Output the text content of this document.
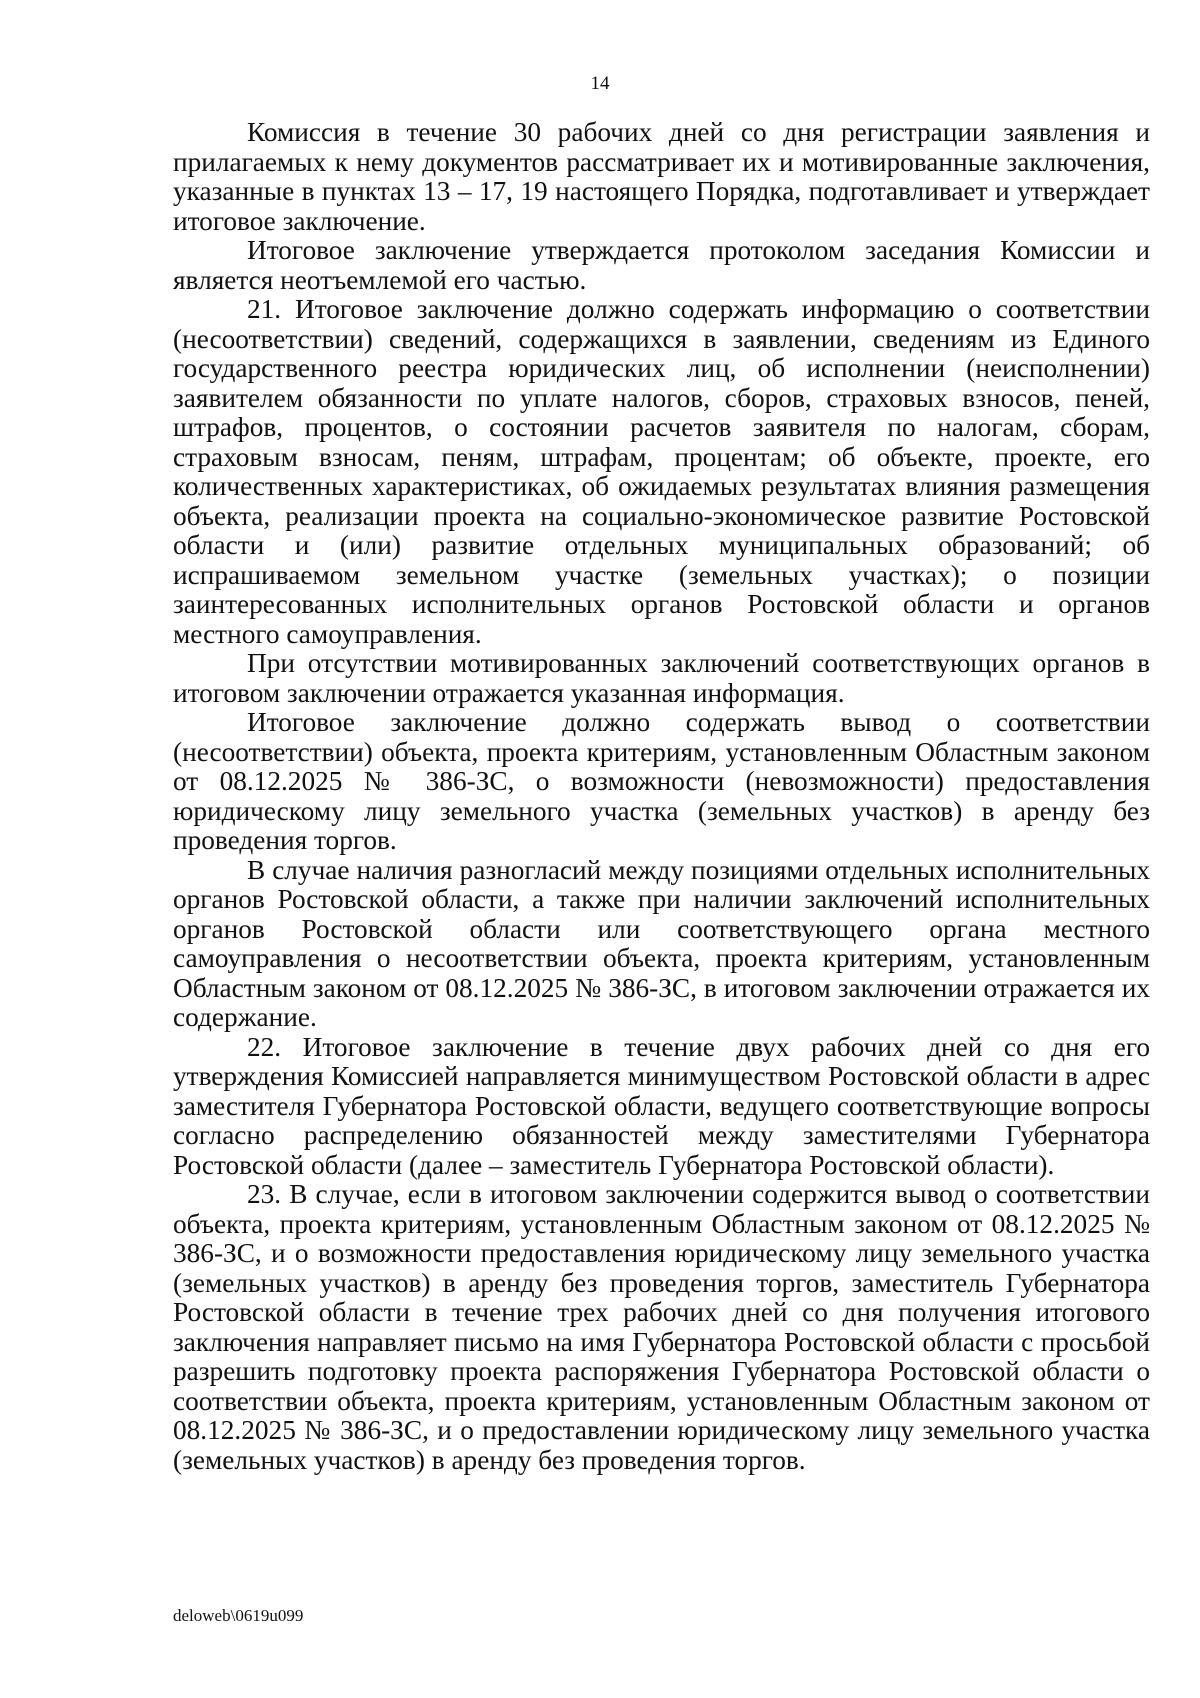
14

Комиссия в течение 30 рабочих дней со дня регистрации заявления и прилагаемых к нему документов рассматривает их и мотивированные заключения, указанные в пунктах 13 – 17, 19 настоящего Порядка, подготавливает и утверждает итоговое заключение.

Итоговое заключение утверждается протоколом заседания Комиссии и является неотъемлемой его частью.

21. Итоговое заключение должно содержать информацию о соответствии (несоответствии) сведений, содержащихся в заявлении, сведениям из Единого государственного реестра юридических лиц, об исполнении (неисполнении) заявителем обязанности по уплате налогов, сборов, страховых взносов, пеней, штрафов, процентов, о состоянии расчетов заявителя по налогам, сборам, страховым взносам, пеням, штрафам, процентам; об объекте, проекте, его количественных характеристиках, об ожидаемых результатах влияния размещения объекта, реализации проекта на социально-экономическое развитие Ростовской области и (или) развитие отдельных муниципальных образований; об испрашиваемом земельном участке (земельных участках); о позиции заинтересованных исполнительных органов Ростовской области и органов местного самоуправления.

При отсутствии мотивированных заключений соответствующих органов в итоговом заключении отражается указанная информация.

Итоговое заключение должно содержать вывод о соответствии (несоответствии) объекта, проекта критериям, установленным Областным законом от 08.12.2025 № 386-ЗС, о возможности (невозможности) предоставления юридическому лицу земельного участка (земельных участков) в аренду без проведения торгов.

В случае наличия разногласий между позициями отдельных исполнительных органов Ростовской области, а также при наличии заключений исполнительных органов Ростовской области или соответствующего органа местного самоуправления о несоответствии объекта, проекта критериям, установленным Областным законом от 08.12.2025 № 386-ЗС, в итоговом заключении отражается их содержание.

22. Итоговое заключение в течение двух рабочих дней со дня его утверждения Комиссией направляется минимуществом Ростовской области в адрес заместителя Губернатора Ростовской области, ведущего соответствующие вопросы согласно распределению обязанностей между заместителями Губернатора Ростовской области (далее – заместитель Губернатора Ростовской области).

23. В случае, если в итоговом заключении содержится вывод о соответствии объекта, проекта критериям, установленным Областным законом от 08.12.2025 № 386-ЗС, и о возможности предоставления юридическому лицу земельного участка (земельных участков) в аренду без проведения торгов, заместитель Губернатора Ростовской области в течение трех рабочих дней со дня получения итогового заключения направляет письмо на имя Губернатора Ростовской области с просьбой разрешить подготовку проекта распоряжения Губернатора Ростовской области о соответствии объекта, проекта критериям, установленным Областным законом от 08.12.2025 № 386-ЗС, и о предоставлении юридическому лицу земельного участка (земельных участков) в аренду без проведения торгов.

deloweb\0619u099
